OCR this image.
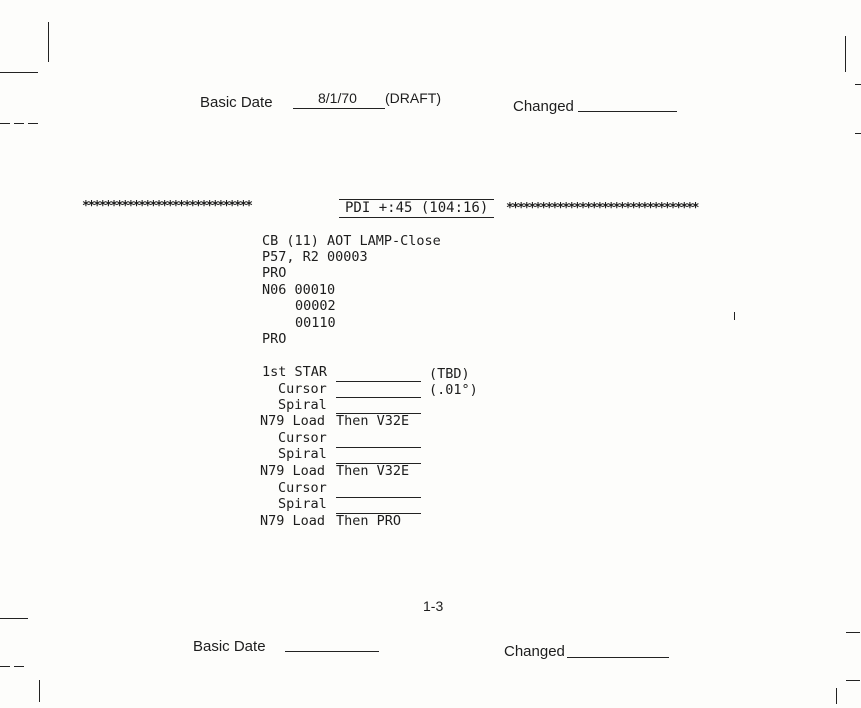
Basic Date	8/1/70 (DRAFT)	Changed
******************************	PDI +:45 (104:16)	**********************************
CB (11) AOT LAMP-Close
P57, R2 00003
PRO
N06 00010
00002
00110
PRO
1st STAR	(TBD)
Cursor	(.01°)
Spiral
N79 Load Then V32E
Cursor
Spiral
N79 Load Then V32E
Cursor
Spiral
N79 Load Then PRO
1-3
Basic Date	Changed
